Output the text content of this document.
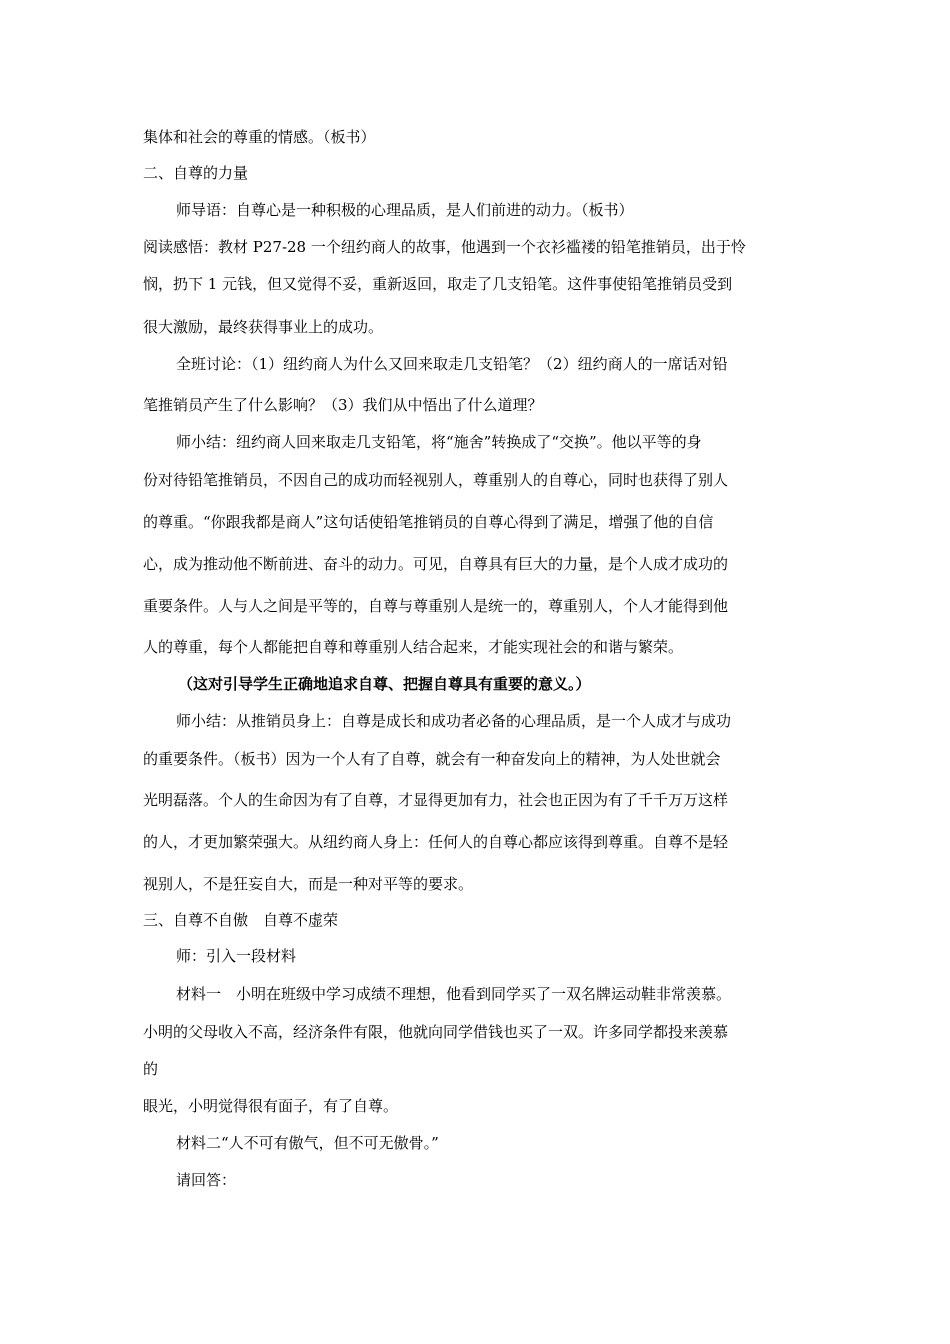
集体和社会的尊重的情感。（板书）
二、自尊的力量
师导语：自尊心是一种积极的心理品质，是人们前进的动力。（板书）
阅读感悟：教材 P27-28 一个纽约商人的故事，他遇到一个衣衫褴褛的铅笔推销员，出于怜
悯，扔下 1 元钱，但又觉得不妥，重新返回，取走了几支铅笔。这件事使铅笔推销员受到
很大激励，最终获得事业上的成功。
全班讨论：（1）纽约商人为什么又回来取走几支铅笔？（2）纽约商人的一席话对铅
笔推销员产生了什么影响？（3）我们从中悟出了什么道理？
师小结：纽约商人回来取走几支铅笔，将“施舍”转换成了“交换”。他以平等的身
份对待铅笔推销员，不因自己的成功而轻视别人，尊重别人的自尊心，同时也获得了别人
的尊重。“你跟我都是商人”这句话使铅笔推销员的自尊心得到了满足，增强了他的自信
心，成为推动他不断前进、奋斗的动力。可见，自尊具有巨大的力量，是个人成才成功的
重要条件。人与人之间是平等的，自尊与尊重别人是统一的，尊重别人，个人才能得到他
人的尊重，每个人都能把自尊和尊重别人结合起来，才能实现社会的和谐与繁荣。
（这对引导学生正确地追求自尊、把握自尊具有重要的意义。）
师小结：从推销员身上：自尊是成长和成功者必备的心理品质，是一个人成才与成功
的重要条件。（板书）因为一个人有了自尊，就会有一种奋发向上的精神，为人处世就会
光明磊落。个人的生命因为有了自尊，才显得更加有力，社会也正因为有了千千万万这样
的人，才更加繁荣强大。从纽约商人身上：任何人的自尊心都应该得到尊重。自尊不是轻
视别人，不是狂妄自大，而是一种对平等的要求。
三、自尊不自傲　自尊不虚荣
师：引入一段材料
材料一　小明在班级中学习成绩不理想，他看到同学买了一双名牌运动鞋非常羡慕。
小明的父母收入不高，经济条件有限，他就向同学借钱也买了一双。许多同学都投来羡慕
的
眼光，小明觉得很有面子，有了自尊。
材料二“人不可有傲气，但不可无傲骨。”
请回答：
